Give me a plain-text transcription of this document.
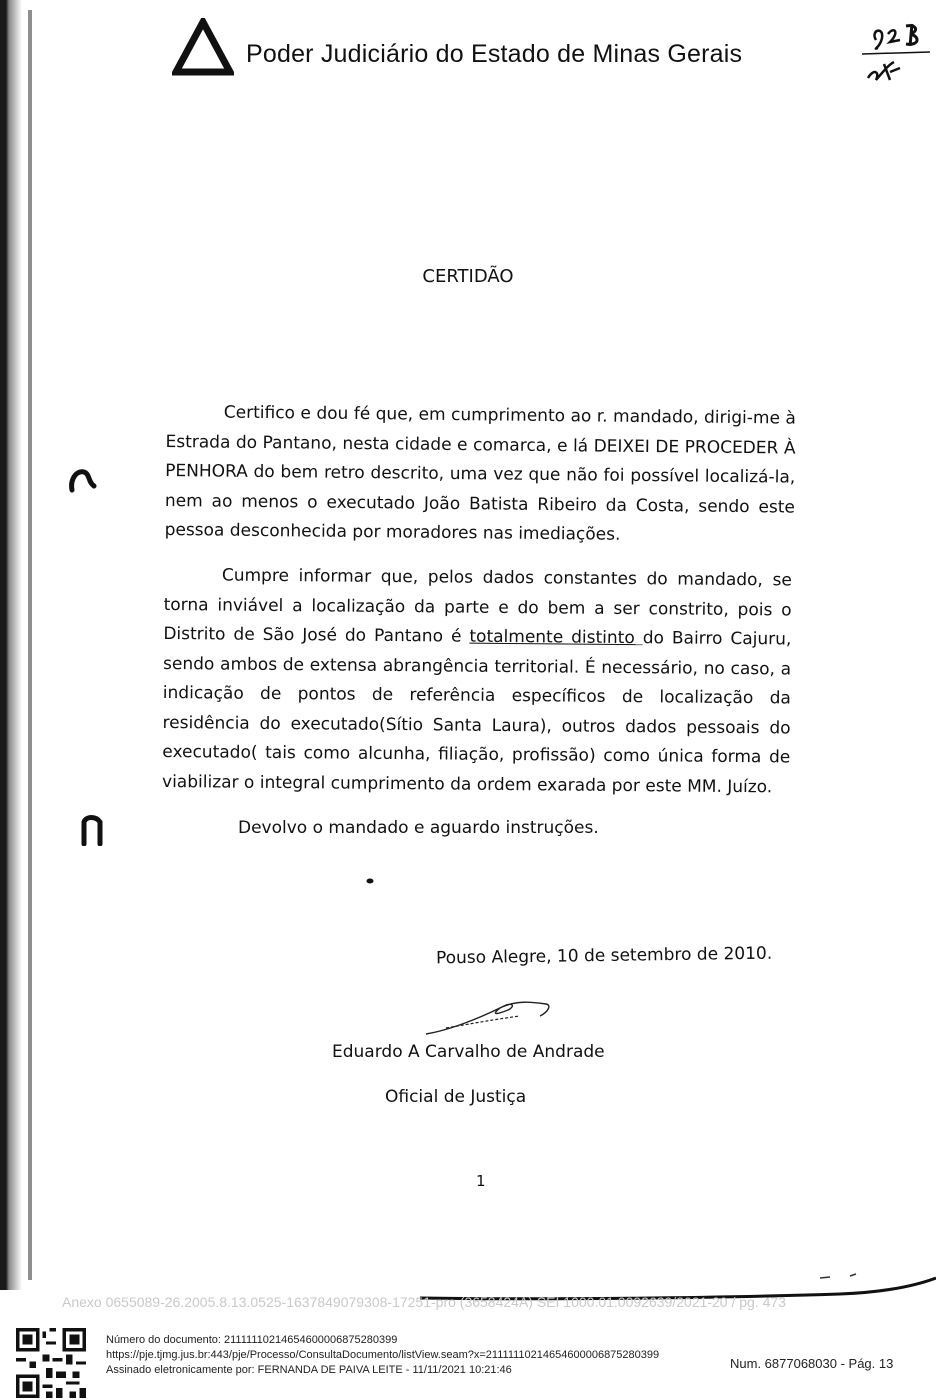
Poder Judiciário do Estado de Minas Gerais
CERTIDÃO
Certifico e dou fé que, em cumprimento ao r. mandado, dirigi-me à Estrada do Pantano, nesta cidade e comarca, e lá DEIXEI DE PROCEDER À PENHORA do bem retro descrito, uma vez que não foi possível localizá-la, nem ao menos o executado João Batista Ribeiro da Costa, sendo este pessoa desconhecida por moradores nas imediações.
Cumpre informar que, pelos dados constantes do mandado, se torna inviável a localização da parte e do bem a ser constrito, pois o Distrito de São José do Pantano é totalmente distinto do Bairro Cajuru, sendo ambos de extensa abrangência territorial. É necessário, no caso, a indicação de pontos de referência específicos de localização da residência do executado(Sítio Santa Laura), outros dados pessoais do executado( tais como alcunha, filiação, profissão) como única forma de viabilizar o integral cumprimento da ordem exarada por este MM. Juízo.
Devolvo o mandado e aguardo instruções.
Pouso Alegre, 10 de setembro de 2010.
Eduardo A Carvalho de Andrade
Oficial de Justiça
1
Anexo 0655089-26.2005.8.13.0525-1637849079308-17251-pro (3658424A) SEI 1000.01.0092639/2021-20 / pg. 473
Número do documento: 21111110214654600006875280399
https://pje.tjmg.jus.br:443/pje/Processo/ConsultaDocumento/listView.seam?x=21111110214654600006875280399
Assinado eletronicamente por: FERNANDA DE PAIVA LEITE - 11/11/2021 10:21:46	Num. 6877068030 - Pág. 13
